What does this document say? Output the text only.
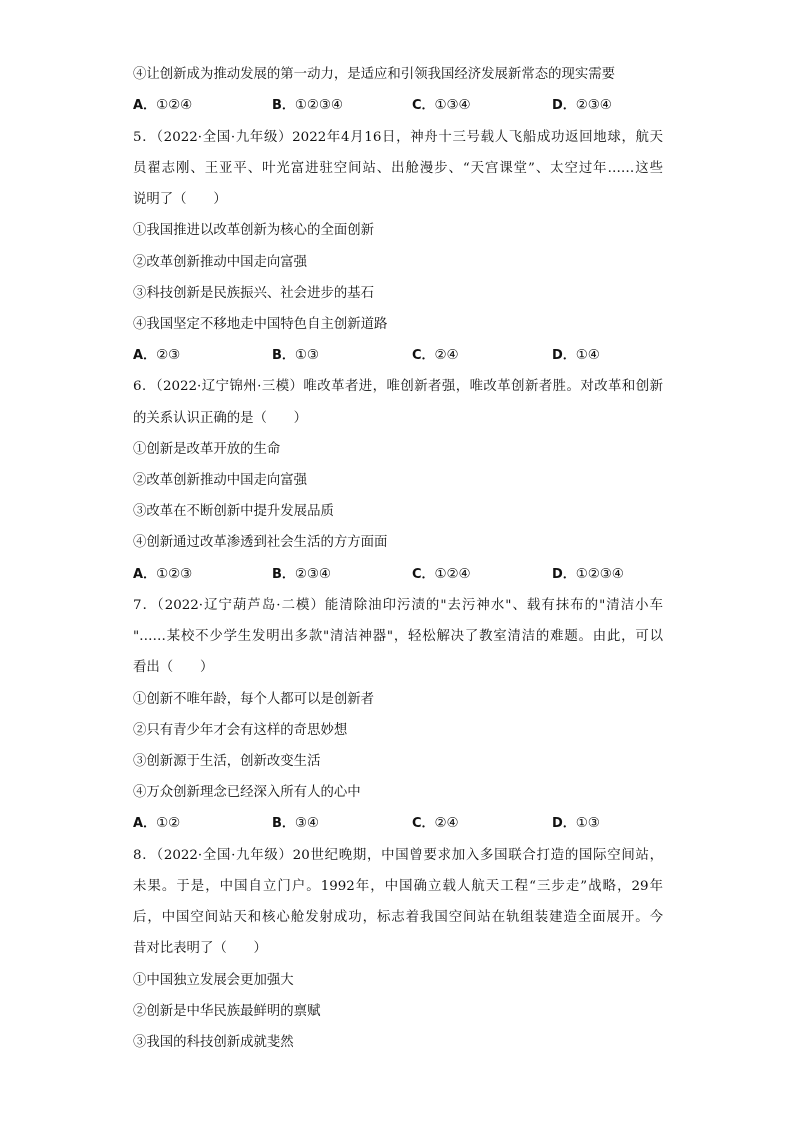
④让创新成为推动发展的第一动力，是适应和引领我国经济发展新常态的现实需要
A．①②④	B．①②③④	C．①③④	D．②③④
5．（2022·全国·九年级）2022年4月16日，神舟十三号载人飞船成功返回地球，航天
员翟志刚、王亚平、叶光富进驻空间站、出舱漫步、“天宫课堂”、太空过年……这些
说明了（　　）
①我国推进以改革创新为核心的全面创新
②改革创新推动中国走向富强
③科技创新是民族振兴、社会进步的基石
④我国坚定不移地走中国特色自主创新道路
A．②③	B．①③	C．②④	D．①④
6．（2022·辽宁锦州·三模）唯改革者进，唯创新者强，唯改革创新者胜。对改革和创新
的关系认识正确的是（　　）
①创新是改革开放的生命
②改革创新推动中国走向富强
③改革在不断创新中提升发展品质
④创新通过改革渗透到社会生活的方方面面
A．①②③	B．②③④	C．①②④	D．①②③④
7．（2022·辽宁葫芦岛·二模）能清除油印污渍的"去污神水"、载有抹布的"清洁小车
"……某校不少学生发明出多款"清洁神器"，轻松解决了教室清洁的难题。由此，可以
看出（　　）
①创新不唯年龄，每个人都可以是创新者
②只有青少年才会有这样的奇思妙想
③创新源于生活，创新改变生活
④万众创新理念已经深入所有人的心中
A．①②	B．③④	C．②④	D．①③
8．（2022·全国·九年级）20世纪晚期，中国曾要求加入多国联合打造的国际空间站，
未果。于是，中国自立门户。1992年，中国确立载人航天工程“三步走”战略，29年
后，中国空间站天和核心舱发射成功，标志着我国空间站在轨组装建造全面展开。今
昔对比表明了（　　）
①中国独立发展会更加强大
②创新是中华民族最鲜明的禀赋
③我国的科技创新成就斐然
